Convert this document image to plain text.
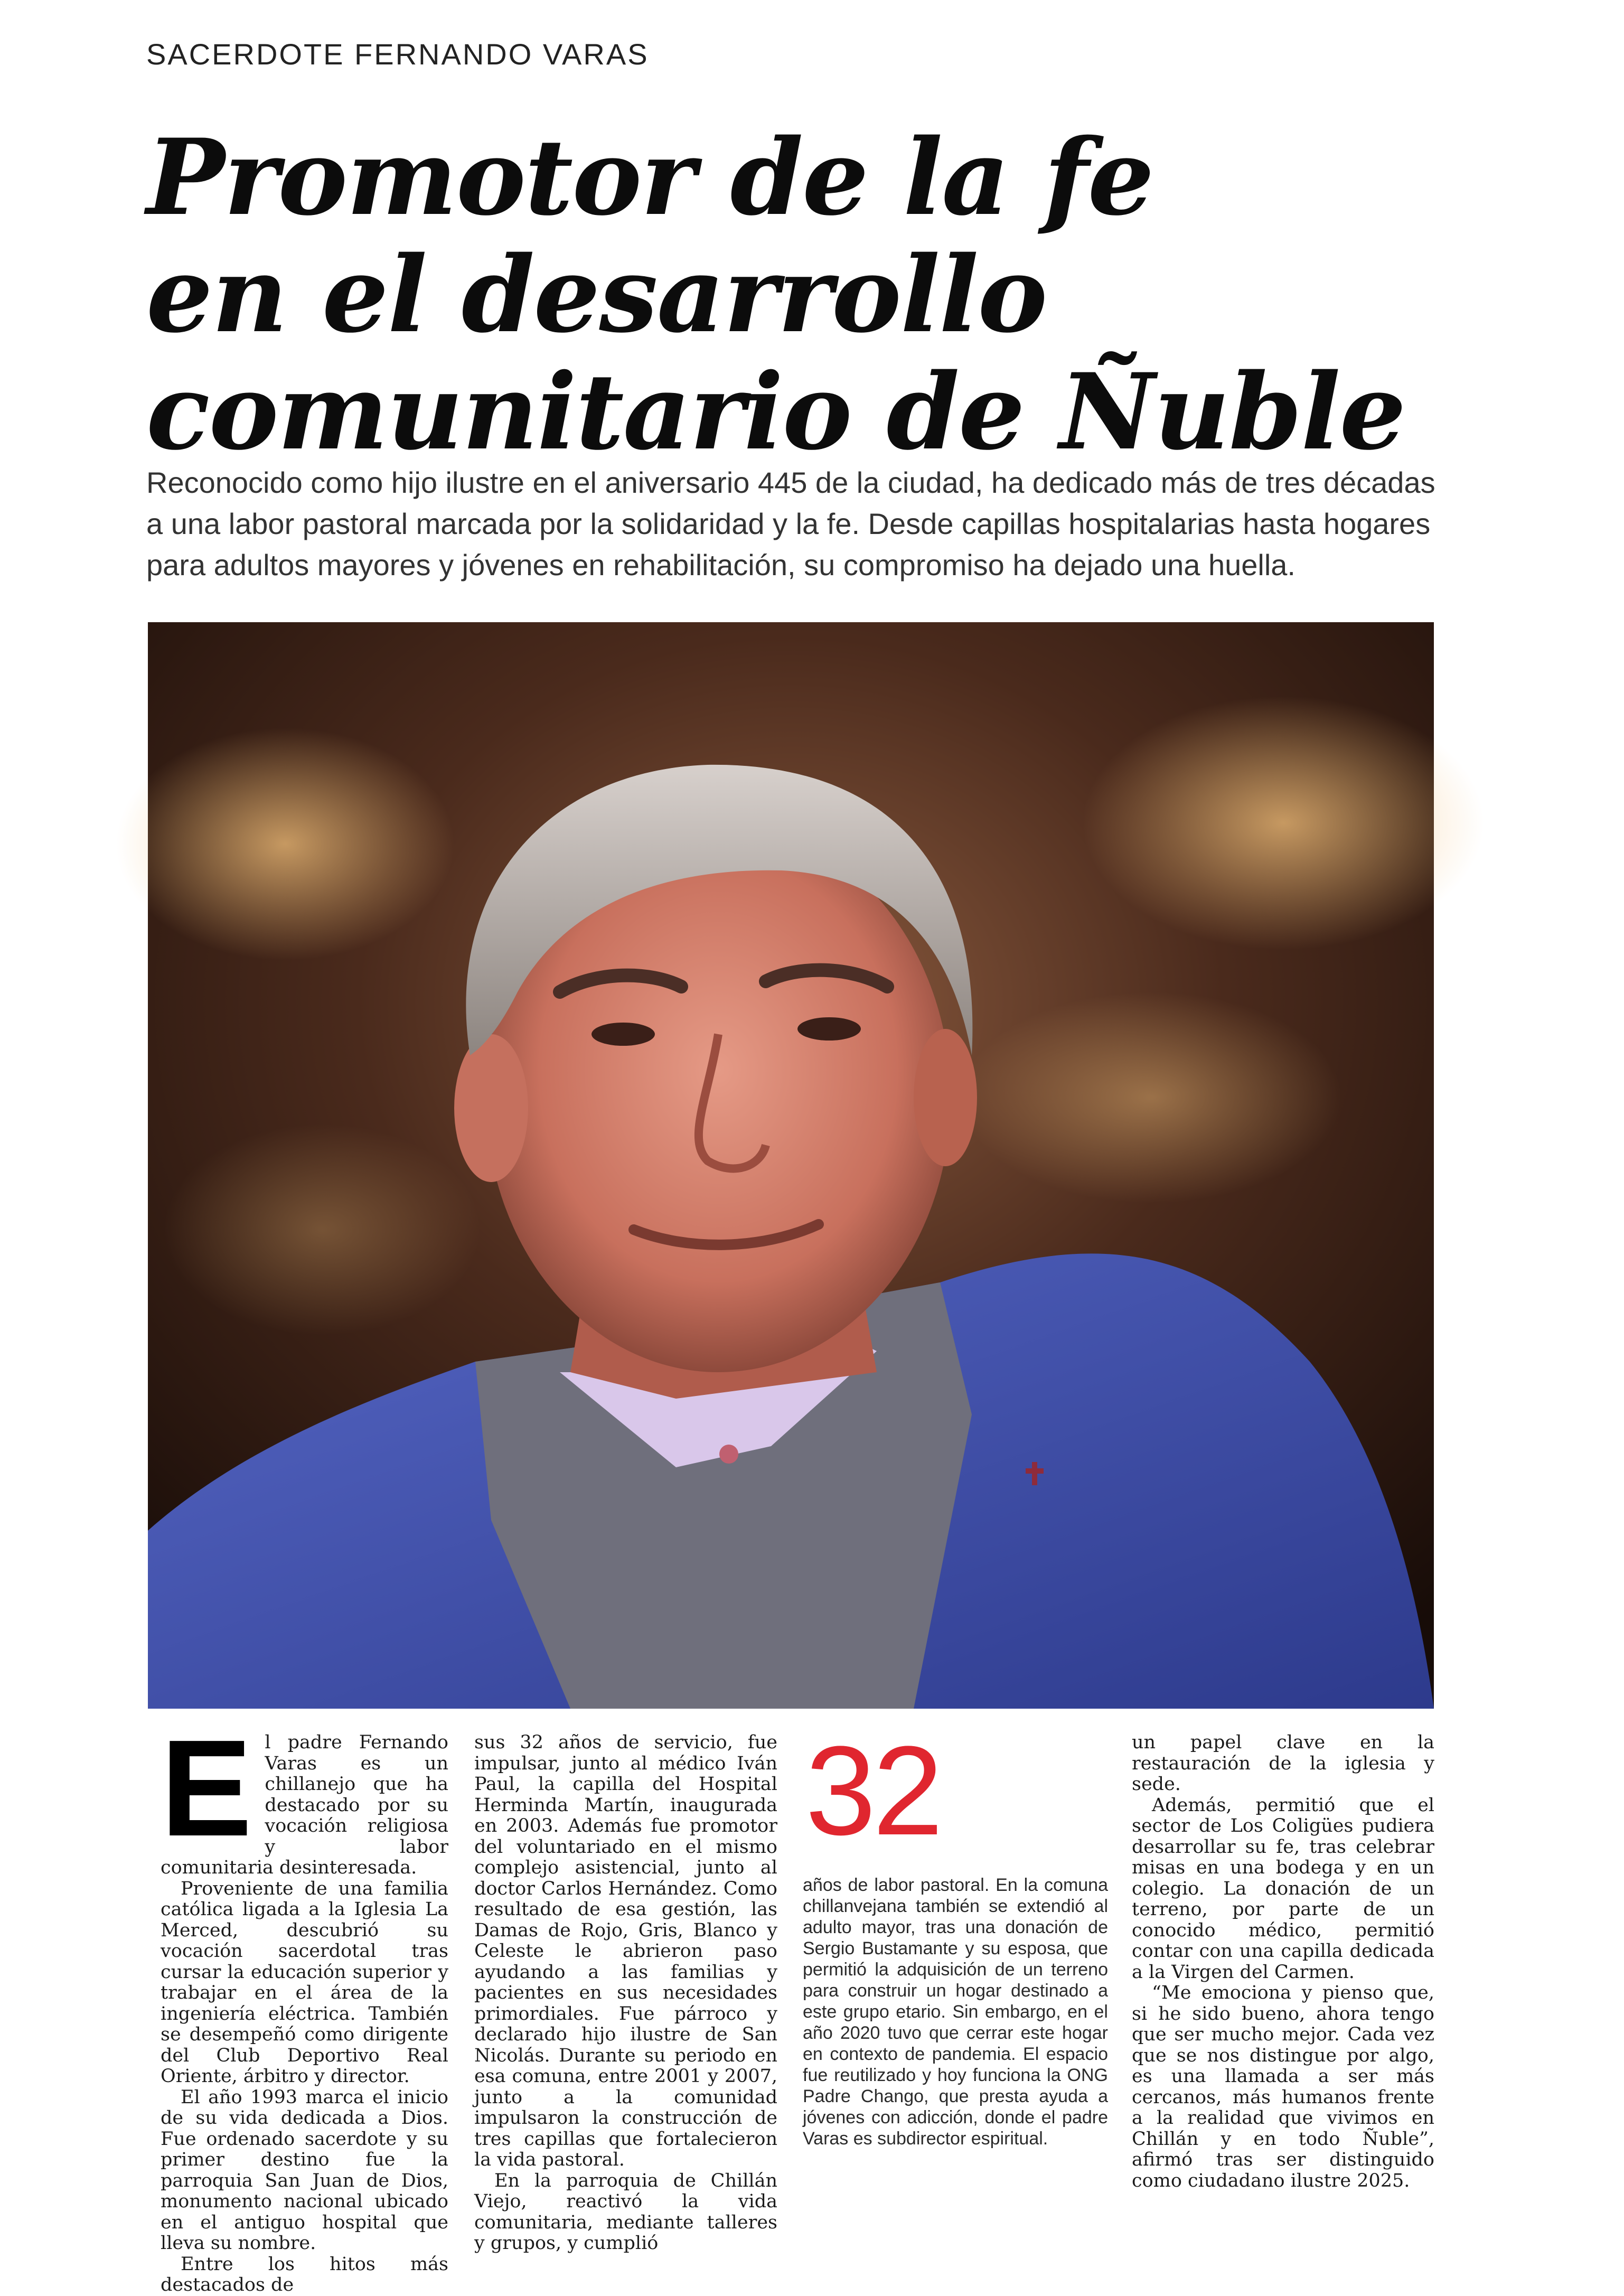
SACERDOTE FERNANDO VARAS
Promotor de la fe
en el desarrollo
comunitario de Ñuble
Reconocido como hijo ilustre en el aniversario 445 de la ciudad, ha dedicado más de tres décadas
a una labor pastoral marcada por la solidaridad y la fe. Desde capillas hospitalarias hasta hogares
para adultos mayores y jóvenes en rehabilitación, su compromiso ha dejado una huella.

El padre Fernando Varas es un chillanejo que ha destacado por su vocación religiosa y labor comunitaria desinteresada.

Proveniente de una familia católica ligada a la Iglesia La Merced, descubrió su vocación sacerdotal tras cursar la educación superior y trabajar en el área de la ingeniería eléctrica. También se desempeñó como dirigente del Club Deportivo Real Oriente, árbitro y director.

El año 1993 marca el inicio de su vida dedicada a Dios. Fue ordenado sacerdote y su primer destino fue la parroquia San Juan de Dios, monumento nacional ubicado en el antiguo hospital que lleva su nombre.

Entre los hitos más destacados de

sus 32 años de servicio, fue impulsar, junto al médico Iván Paul, la capilla del Hospital Herminda Martín, inaugurada en 2003. Además fue promotor del voluntariado en el mismo complejo asistencial, junto al doctor Carlos Hernández. Como resultado de esa gestión, las Damas de Rojo, Gris, Blanco y Celeste le abrieron paso ayudando a las familias y pacientes en sus necesidades primordiales. Fue párroco y declarado hijo ilustre de San Nicolás. Durante su periodo en esa comuna, entre 2001 y 2007, junto a la comunidad impulsaron la construcción de tres capillas que fortalecieron la vida pastoral.

En la parroquia de Chillán Viejo, reactivó la vida comunitaria, mediante talleres y grupos, y cumplió

32
años de labor pastoral. En la comuna chillanvejana también se extendió al adulto mayor, tras una donación de Sergio Bustamante y su esposa, que permitió la adquisición de un terreno para construir un hogar destinado a este grupo etario. Sin embargo, en el año 2020 tuvo que cerrar este hogar en contexto de pandemia. El espacio fue reutilizado y hoy funciona la ONG Padre Chango, que presta ayuda a jóvenes con adicción, donde el padre Varas es subdirector espiritual.

un papel clave en la restauración de la iglesia y sede.

Además, permitió que el sector de Los Coligües pudiera desarrollar su fe, tras celebrar misas en una bodega y en un colegio. La donación de un terreno, por parte de un conocido médico, permitió contar con una capilla dedicada a la Virgen del Carmen.

“Me emociona y pienso que, si he sido bueno, ahora tengo que ser mucho mejor. Cada vez que se nos distingue por algo, es una llamada a ser más cercanos, más humanos frente a la realidad que vivimos en Chillán y en todo Ñuble”, afirmó tras ser distinguido como ciudadano ilustre 2025.
